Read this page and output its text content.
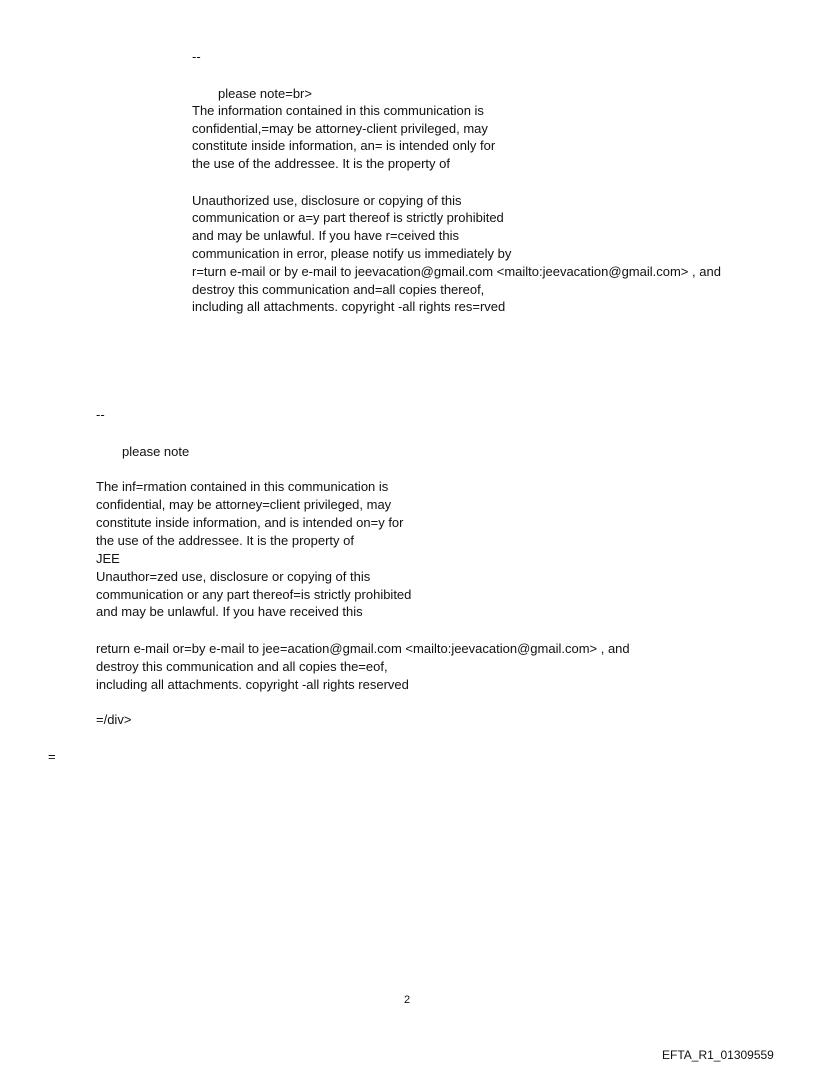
--

please note=br>

The information contained in this communication is

confidential,=may be attorney-client privileged, may

constitute inside information, an= is intended only for

the use of the addressee. It is the property of

Unauthorized use, disclosure or copying of this

communication or a=y part thereof is strictly prohibited

and may be unlawful. If you have r=ceived this

communication in error, please notify us immediately by

r=turn e-mail or by e-mail to jeevacation@gmail.com <mailto:jeevacation@gmail.com> , and

destroy this communication and=all copies thereof,

including all attachments. copyright -all rights res=rved

--

please note

The inf=rmation contained in this communication is

confidential, may be attorney=client privileged, may

constitute inside information, and is intended on=y for

the use of the addressee. It is the property of

JEE

Unauthor=zed use, disclosure or copying of this

communication or any part thereof=is strictly prohibited

and may be unlawful. If you have received this

return e-mail or=by e-mail to jee=acation@gmail.com <mailto:jeevacation@gmail.com> , and

destroy this communication and all copies the=eof,

including all attachments. copyright -all rights reserved

=/div>

=

2

EFTA_R1_01309559
